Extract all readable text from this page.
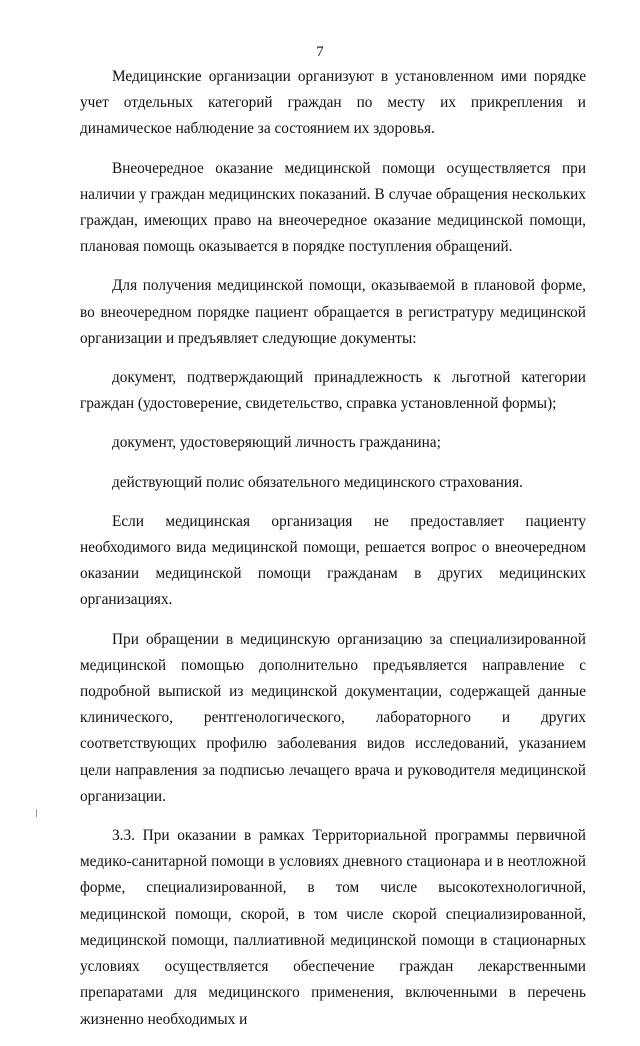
7

Медицинские организации организуют в установленном ими порядке учет отдельных категорий граждан по месту их прикрепления и динамическое наблюдение за состоянием их здоровья.

Внеочередное оказание медицинской помощи осуществляется при наличии у граждан медицинских показаний. В случае обращения нескольких граждан, имеющих право на внеочередное оказание медицинской помощи, плановая помощь оказывается в порядке поступления обращений.

Для получения медицинской помощи, оказываемой в плановой форме, во внеочередном порядке пациент обращается в регистратуру медицинской организации и предъявляет следующие документы:

документ, подтверждающий принадлежность к льготной категории граждан (удостоверение, свидетельство, справка установленной формы);

документ, удостоверяющий личность гражданина;

действующий полис обязательного медицинского страхования.

Если медицинская организация не предоставляет пациенту необходимого вида медицинской помощи, решается вопрос о внеочередном оказании медицинской помощи гражданам в других медицинских организациях.

При обращении в медицинскую организацию за специализированной медицинской помощью дополнительно предъявляется направление с подробной выпиской из медицинской документации, содержащей данные клинического, рентгенологического, лабораторного и других соответствующих профилю заболевания видов исследований, указанием цели направления за подписью лечащего врача и руководителя медицинской организации.

3.3. При оказании в рамках Территориальной программы первичной медико-санитарной помощи в условиях дневного стационара и в неотложной форме, специализированной, в том числе высокотехнологичной, медицинской помощи, скорой, в том числе скорой специализированной, медицинской помощи, паллиативной медицинской помощи в стационарных условиях осуществляется обеспечение граждан лекарственными препаратами для медицинского применения, включенными в перечень жизненно необходимых и
